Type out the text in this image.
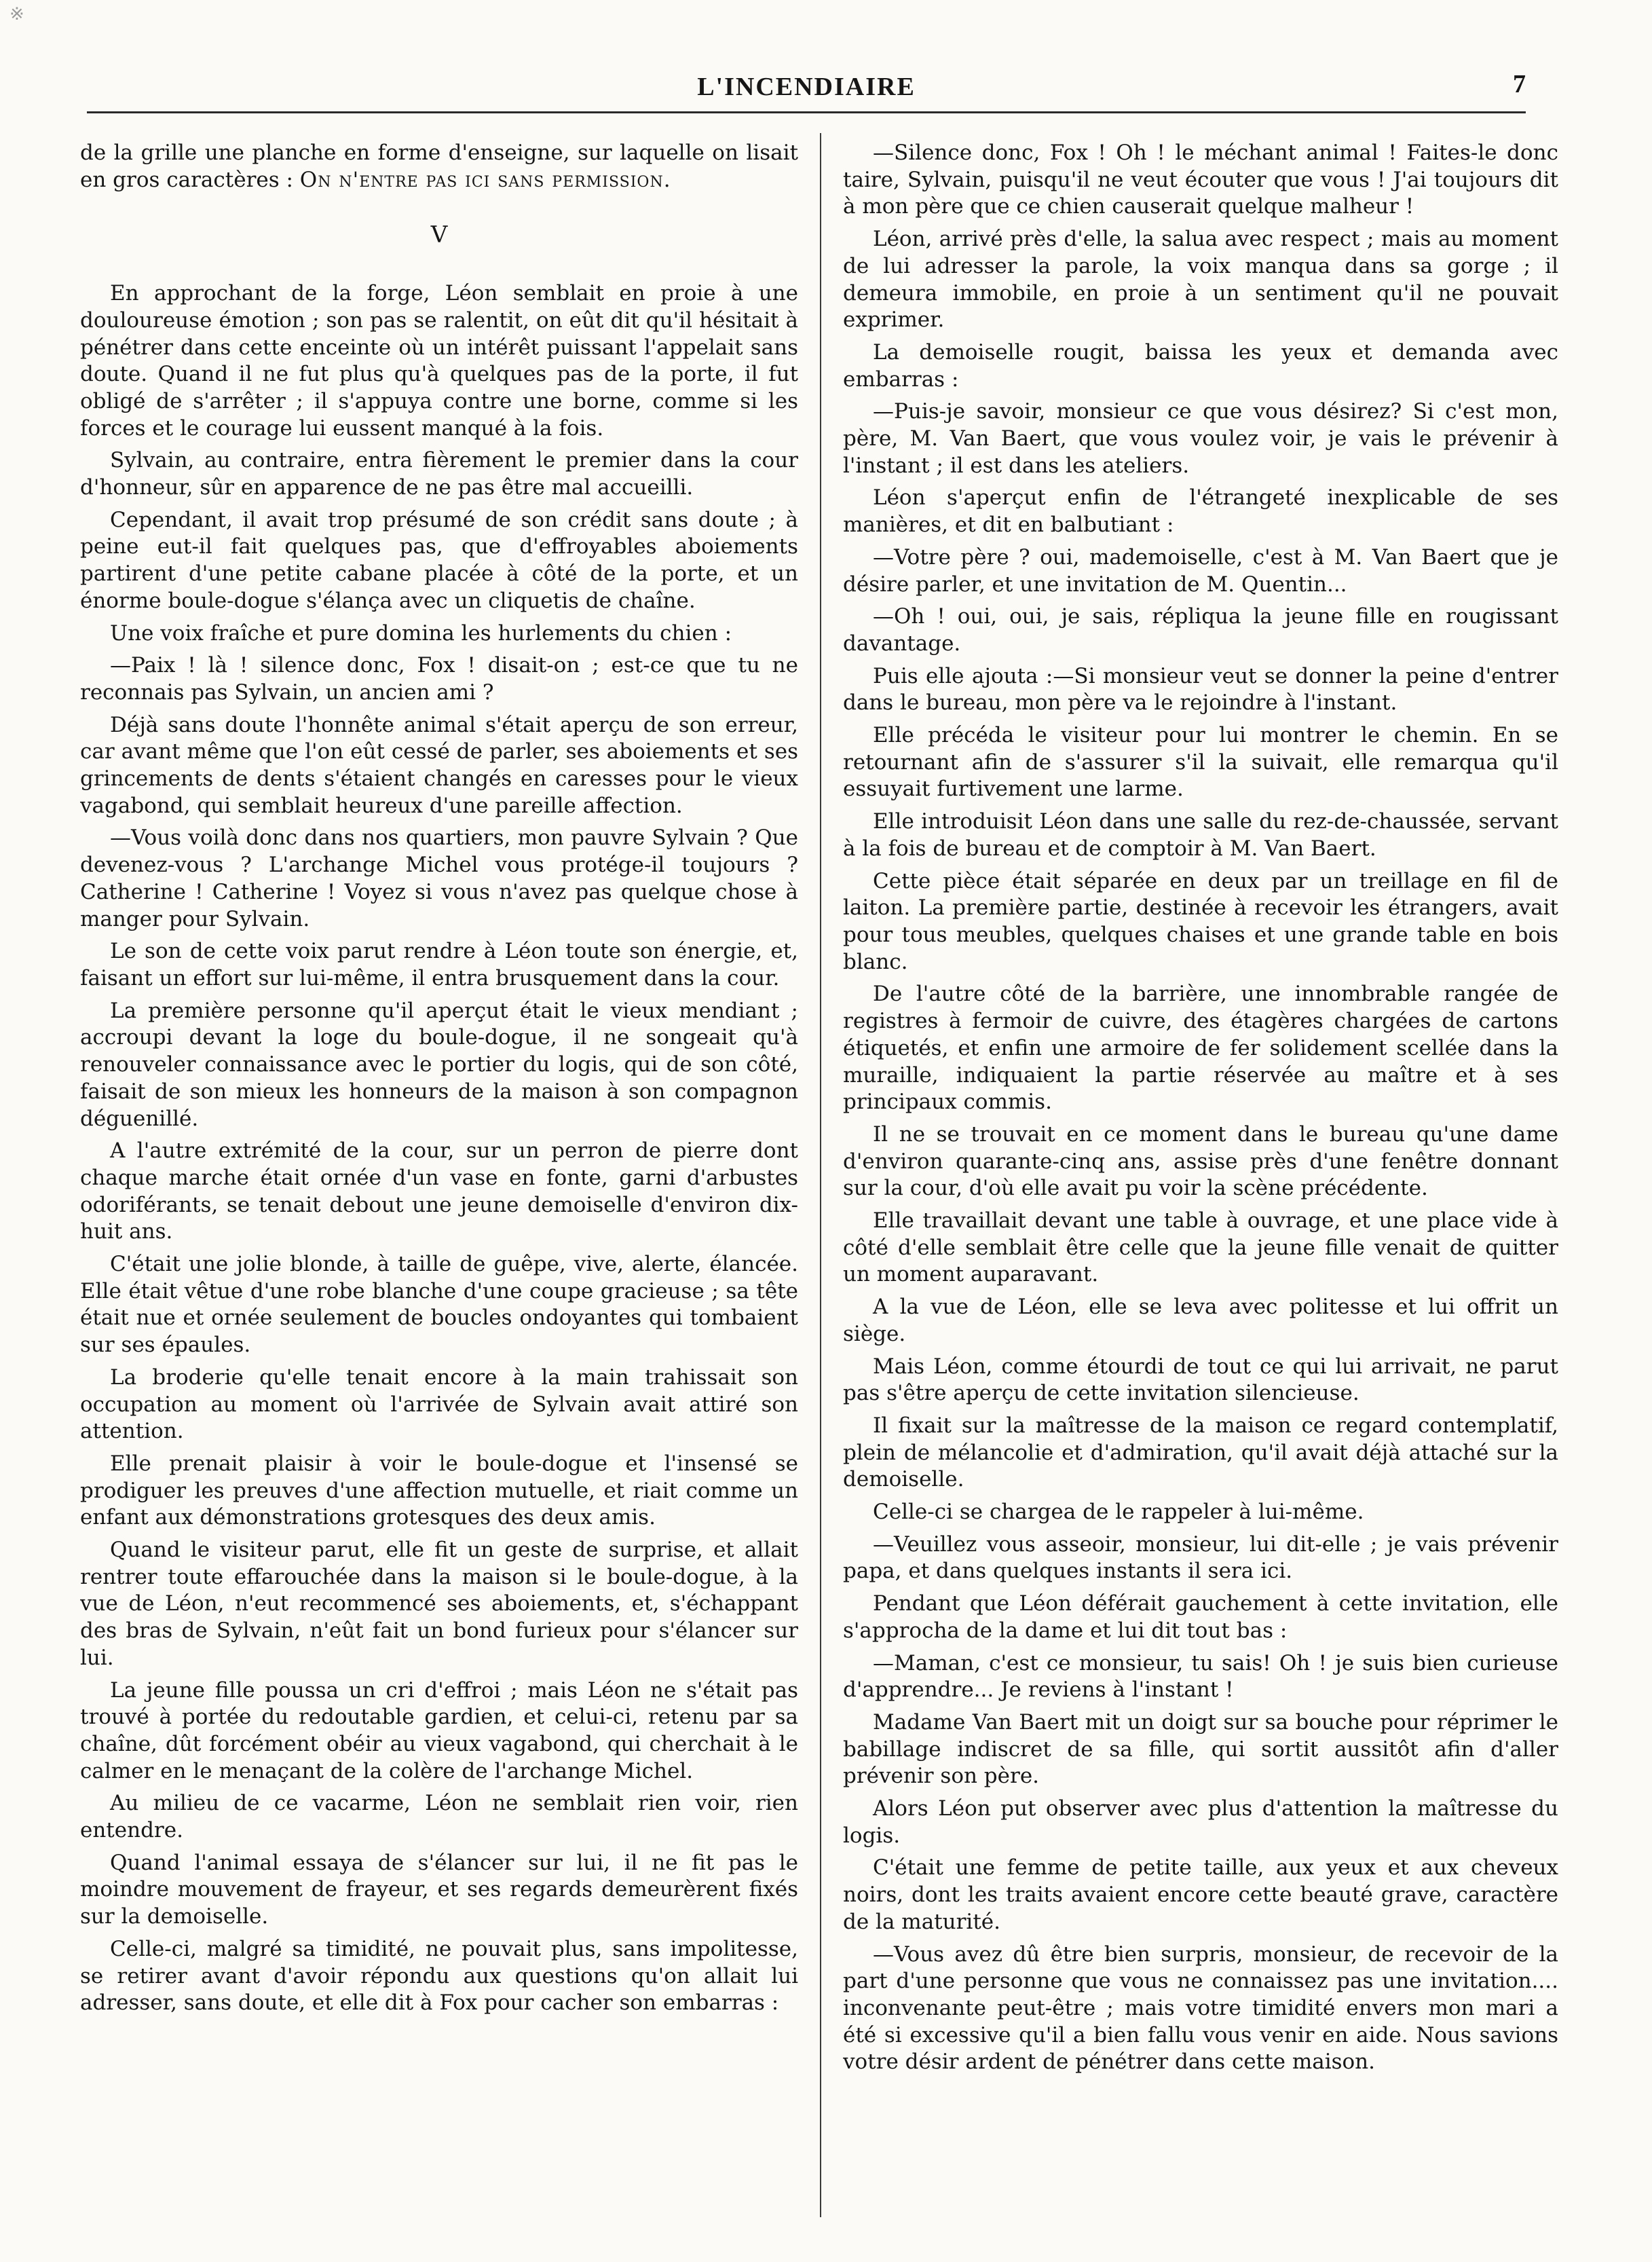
※
L'INCENDIAIRE	7

de la grille une planche en forme d'enseigne, sur laquelle on lisait en gros caractères : On n'entre pas ici sans permission.

V

En approchant de la forge, Léon semblait en proie à une douloureuse émotion ; son pas se ralentit, on eût dit qu'il hésitait à pénétrer dans cette enceinte où un intérêt puissant l'appelait sans doute. Quand il ne fut plus qu'à quelques pas de la porte, il fut obligé de s'arrêter ; il s'appuya contre une borne, comme si les forces et le courage lui eussent manqué à la fois.

Sylvain, au contraire, entra fièrement le premier dans la cour d'honneur, sûr en apparence de ne pas être mal accueilli.

Cependant, il avait trop présumé de son crédit sans doute ; à peine eut-il fait quelques pas, que d'effroyables aboiements partirent d'une petite cabane placée à côté de la porte, et un énorme boule-dogue s'élança avec un cliquetis de chaîne.

Une voix fraîche et pure domina les hurlements du chien :

—Paix ! là ! silence donc, Fox ! disait-on ; est-ce que tu ne reconnais pas Sylvain, un ancien ami ?

Déjà sans doute l'honnête animal s'était aperçu de son erreur, car avant même que l'on eût cessé de parler, ses aboiements et ses grincements de dents s'étaient changés en caresses pour le vieux vagabond, qui semblait heureux d'une pareille affection.

—Vous voilà donc dans nos quartiers, mon pauvre Sylvain ? Que devenez-vous ? L'archange Michel vous protége-il toujours ? Catherine ! Catherine ! Voyez si vous n'avez pas quelque chose à manger pour Sylvain.

Le son de cette voix parut rendre à Léon toute son énergie, et, faisant un effort sur lui-même, il entra brusquement dans la cour.

La première personne qu'il aperçut était le vieux mendiant ; accroupi devant la loge du boule-dogue, il ne songeait qu'à renouveler connaissance avec le portier du logis, qui de son côté, faisait de son mieux les honneurs de la maison à son compagnon déguenillé.

A l'autre extrémité de la cour, sur un perron de pierre dont chaque marche était ornée d'un vase en fonte, garni d'arbustes odoriférants, se tenait debout une jeune demoiselle d'environ dix-huit ans.

C'était une jolie blonde, à taille de guêpe, vive, alerte, élancée. Elle était vêtue d'une robe blanche d'une coupe gracieuse ; sa tête était nue et ornée seulement de boucles ondoyantes qui tombaient sur ses épaules.

La broderie qu'elle tenait encore à la main trahissait son occupation au moment où l'arrivée de Sylvain avait attiré son attention.

Elle prenait plaisir à voir le boule-dogue et l'insensé se prodiguer les preuves d'une affection mutuelle, et riait comme un enfant aux démonstrations grotesques des deux amis.

Quand le visiteur parut, elle fit un geste de surprise, et allait rentrer toute effarouchée dans la maison si le boule-dogue, à la vue de Léon, n'eut recommencé ses aboiements, et, s'échappant des bras de Sylvain, n'eût fait un bond furieux pour s'élancer sur lui.

La jeune fille poussa un cri d'effroi ; mais Léon ne s'était pas trouvé à portée du redoutable gardien, et celui-ci, retenu par sa chaîne, dût forcément obéir au vieux vagabond, qui cherchait à le calmer en le menaçant de la colère de l'archange Michel.

Au milieu de ce vacarme, Léon ne semblait rien voir, rien entendre.

Quand l'animal essaya de s'élancer sur lui, il ne fit pas le moindre mouvement de frayeur, et ses regards demeurèrent fixés sur la demoiselle.

Celle-ci, malgré sa timidité, ne pouvait plus, sans impolitesse, se retirer avant d'avoir répondu aux questions qu'on allait lui adresser, sans doute, et elle dit à Fox pour cacher son embarras :

—Silence donc, Fox ! Oh ! le méchant animal ! Faites-le donc taire, Sylvain, puisqu'il ne veut écouter que vous ! J'ai toujours dit à mon père que ce chien causerait quelque malheur !

Léon, arrivé près d'elle, la salua avec respect ; mais au moment de lui adresser la parole, la voix manqua dans sa gorge ; il demeura immobile, en proie à un sentiment qu'il ne pouvait exprimer.

La demoiselle rougit, baissa les yeux et demanda avec embarras :

—Puis-je savoir, monsieur ce que vous désirez? Si c'est mon, père, M. Van Baert, que vous voulez voir, je vais le prévenir à l'instant ; il est dans les ateliers.

Léon s'aperçut enfin de l'étrangeté inexplicable de ses manières, et dit en balbutiant :

—Votre père ? oui, mademoiselle, c'est à M. Van Baert que je désire parler, et une invitation de M. Quentin...

—Oh ! oui, oui, je sais, répliqua la jeune fille en rougissant davantage.

Puis elle ajouta :—Si monsieur veut se donner la peine d'entrer dans le bureau, mon père va le rejoindre à l'instant.

Elle précéda le visiteur pour lui montrer le chemin. En se retournant afin de s'assurer s'il la suivait, elle remarqua qu'il essuyait furtivement une larme.

Elle introduisit Léon dans une salle du rez-de-chaussée, servant à la fois de bureau et de comptoir à M. Van Baert.

Cette pièce était séparée en deux par un treillage en fil de laiton. La première partie, destinée à recevoir les étrangers, avait pour tous meubles, quelques chaises et une grande table en bois blanc.

De l'autre côté de la barrière, une innombrable rangée de registres à fermoir de cuivre, des étagères chargées de cartons étiquetés, et enfin une armoire de fer solidement scellée dans la muraille, indiquaient la partie réservée au maître et à ses principaux commis.

Il ne se trouvait en ce moment dans le bureau qu'une dame d'environ quarante-cinq ans, assise près d'une fenêtre donnant sur la cour, d'où elle avait pu voir la scène précédente.

Elle travaillait devant une table à ouvrage, et une place vide à côté d'elle semblait être celle que la jeune fille venait de quitter un moment auparavant.

A la vue de Léon, elle se leva avec politesse et lui offrit un siège.

Mais Léon, comme étourdi de tout ce qui lui arrivait, ne parut pas s'être aperçu de cette invitation silencieuse.

Il fixait sur la maîtresse de la maison ce regard contemplatif, plein de mélancolie et d'admiration, qu'il avait déjà attaché sur la demoiselle.

Celle-ci se chargea de le rappeler à lui-même.

—Veuillez vous asseoir, monsieur, lui dit-elle ; je vais prévenir papa, et dans quelques instants il sera ici.

Pendant que Léon déférait gauchement à cette invitation, elle s'approcha de la dame et lui dit tout bas :

—Maman, c'est ce monsieur, tu sais! Oh ! je suis bien curieuse d'apprendre... Je reviens à l'instant !

Madame Van Baert mit un doigt sur sa bouche pour réprimer le babillage indiscret de sa fille, qui sortit aussitôt afin d'aller prévenir son père.

Alors Léon put observer avec plus d'attention la maîtresse du logis.

C'était une femme de petite taille, aux yeux et aux cheveux noirs, dont les traits avaient encore cette beauté grave, caractère de la maturité.

—Vous avez dû être bien surpris, monsieur, de recevoir de la part d'une personne que vous ne connaissez pas une invitation.... inconvenante peut-être ; mais votre timidité envers mon mari a été si excessive qu'il a bien fallu vous venir en aide. Nous savions votre désir ardent de pénétrer dans cette maison.
